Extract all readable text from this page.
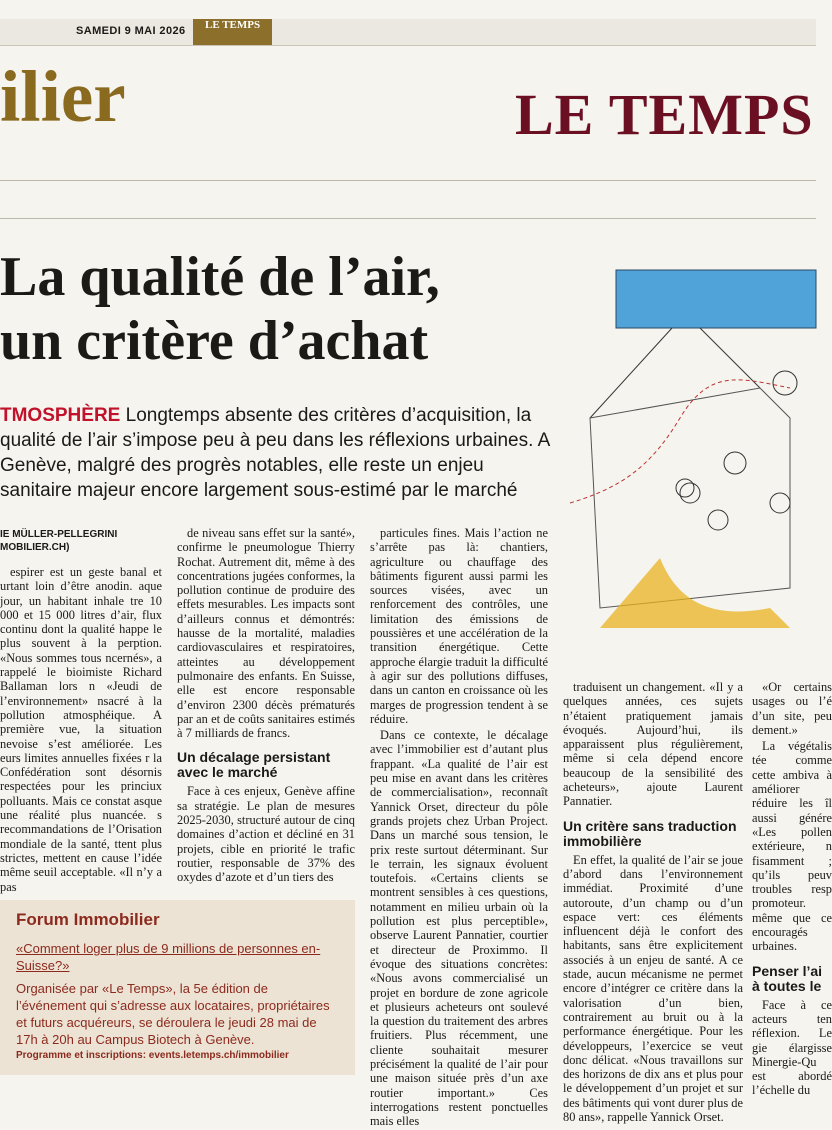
SAMEDI 9 MAI 2026	LE TEMPS
ilier	LE TEMPS
La qualité de l’air,
un critère d’achat
TMOSPHÈRE Longtemps absente des critères d’acquisition, la qualité de l’air s’impose peu à peu dans les réflexions urbaines. A Genève, malgré des progrès notables, elle reste un enjeu sanitaire majeur encore largement sous-estimé par le marché
IE MÜLLER-PELLEGRINI
MOBILIER.CH)

espirer est un geste banal et urtant loin d’être anodin. aque jour, un habitant inhale tre 10 000 et 15 000 litres d’air, flux continu dont la qualité happe le plus souvent à la perption. «Nous sommes tous ncernés», a rappelé le bioimiste Richard Ballaman lors n «Jeudi de l’environnement» nsacré à la pollution atmosphéique. A première vue, la situation nevoise s’est améliorée. Les eurs limites annuelles fixées r la Confédération sont désornis respectées pour les princiux polluants. Mais ce constat asque une réalité plus nuancée. s recommandations de l’Orisation mondiale de la santé, ttent plus strictes, mettent en cause l’idée même seuil acceptable. «Il n’y a pas

de niveau sans effet sur la santé», confirme le pneumologue Thierry Rochat. Autrement dit, même à des concentrations jugées conformes, la pollution continue de produire des effets mesurables. Les impacts sont d’ailleurs connus et démontrés: hausse de la mortalité, maladies cardiovasculaires et respiratoires, atteintes au développement pulmonaire des enfants. En Suisse, elle est encore responsable d’environ 2300 décès prématurés par an et de coûts sanitaires estimés à 7 milliards de francs.

Un décalage persistant avec le marché

Face à ces enjeux, Genève affine sa stratégie. Le plan de mesures 2025-2030, structuré autour de cinq domaines d’action et décliné en 31 projets, cible en priorité le trafic routier, responsable de 37% des oxydes d’azote et d’un tiers des

particules fines. Mais l’action ne s’arrête pas là: chantiers, agriculture ou chauffage des bâtiments figurent aussi parmi les sources visées, avec un renforcement des contrôles, une limitation des émissions de poussières et une accélération de la transition énergétique. Cette approche élargie traduit la difficulté à agir sur des pollutions diffuses, dans un canton en croissance où les marges de progression tendent à se réduire.

Dans ce contexte, le décalage avec l’immobilier est d’autant plus frappant. «La qualité de l’air est peu mise en avant dans les critères de commercialisation», reconnaît Yannick Orset, directeur du pôle grands projets chez Urban Project. Dans un marché sous tension, le prix reste surtout déterminant. Sur le terrain, les signaux évoluent toutefois. «Certains clients se montrent sensibles à ces questions, notamment en milieu urbain où la pollution est plus perceptible», observe Laurent Pannatier, courtier et directeur de Proximmo. Il évoque des situations concrètes: «Nous avons commercialisé un projet en bordure de zone agricole et plusieurs acheteurs ont soulevé la question du traitement des arbres fruitiers. Plus récemment, une cliente souhaitait mesurer précisément la qualité de l’air pour une maison située près d’un axe routier important.» Ces interrogations restent ponctuelles mais elles

traduisent un changement. «Il y a quelques années, ces sujets n’étaient pratiquement jamais évoqués. Aujourd’hui, ils apparaissent plus régulièrement, même si cela dépend encore beaucoup de la sensibilité des acheteurs», ajoute Laurent Pannatier.

Un critère sans traduction immobilière

En effet, la qualité de l’air se joue d’abord dans l’environnement immédiat. Proximité d’une autoroute, d’un champ ou d’un espace vert: ces éléments influencent déjà le confort des habitants, sans être explicitement associés à un enjeu de santé. A ce stade, aucun mécanisme ne permet encore d’intégrer ce critère dans la valorisation d’un bien, contrairement au bruit ou à la performance énergétique. Pour les développeurs, l’exercice se veut donc délicat. «Nous travaillons sur des horizons de dix ans et plus pour le développement d’un projet et sur des bâtiments qui vont durer plus de 80 ans», rappelle Yannick Orset.

«Or certains usages ou l’é d’un site, peu dement.»

La végétalis tée comme cette ambiva à améliorer réduire les îl aussi génére «Les pollen extérieure, n fisamment ; qu’ils peuv troubles resp promoteur. même que ce encouragés urbaines.

Penser l’ai à toutes le

Face à ce acteurs ten réflexion. Le gie élargisse Minergie-Qu est abordé l’échelle du

Forum Immobilier
«Comment loger plus de 9 millions de personnes en-Suisse?»
Organisée par «Le Temps», la 5e édition de l’événement qui s’adresse aux locataires, propriétaires et futurs acquéreurs, se déroulera le jeudi 28 mai de 17h à 20h au Campus Biotech à Genève.
Programme et inscriptions: events.letemps.ch/immobilier
